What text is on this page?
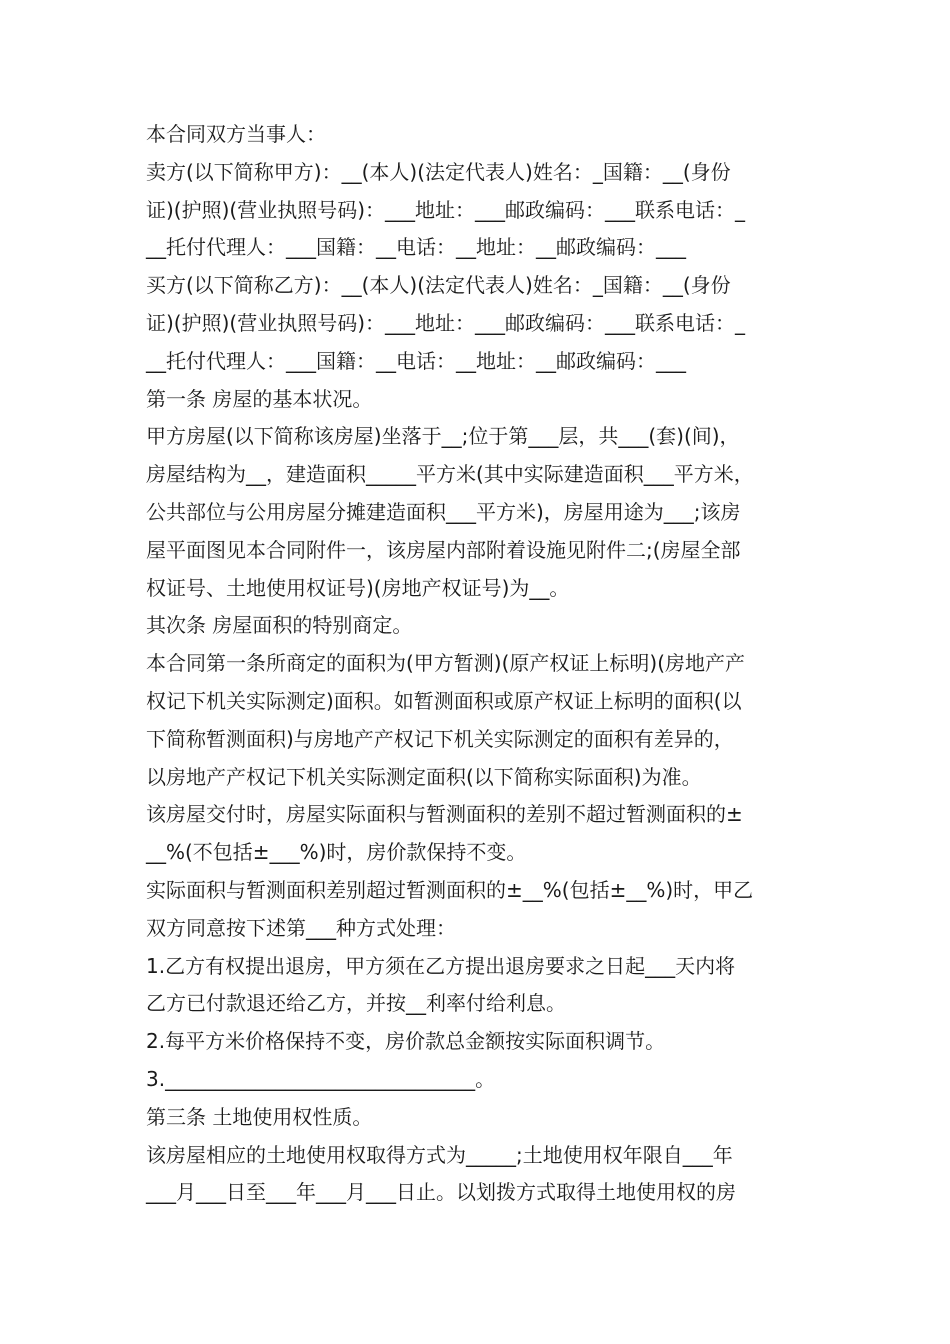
本合同双方当事人：
卖方(以下简称甲方)：__(本人)(法定代表人)姓名：_国籍：__(身份
证)(护照)(营业执照号码)：___地址：___邮政编码：___联系电话：_
__托付代理人：___国籍：__电话：__地址：__邮政编码：___
买方(以下简称乙方)：__(本人)(法定代表人)姓名：_国籍：__(身份
证)(护照)(营业执照号码)：___地址：___邮政编码：___联系电话：_
__托付代理人：___国籍：__电话：__地址：__邮政编码：___
第一条 房屋的基本状况。
甲方房屋(以下简称该房屋)坐落于__;位于第___层，共___(套)(间)，
房屋结构为__，建造面积_____平方米(其中实际建造面积___平方米，
公共部位与公用房屋分摊建造面积___平方米)，房屋用途为___;该房
屋平面图见本合同附件一，该房屋内部附着设施见附件二;(房屋全部
权证号、土地使用权证号)(房地产权证号)为__。
其次条 房屋面积的特别商定。
本合同第一条所商定的面积为(甲方暂测)(原产权证上标明)(房地产产
权记下机关实际测定)面积。如暂测面积或原产权证上标明的面积(以
下简称暂测面积)与房地产产权记下机关实际测定的面积有差异的，
以房地产产权记下机关实际测定面积(以下简称实际面积)为准。
该房屋交付时，房屋实际面积与暂测面积的差别不超过暂测面积的±
__%(不包括±___%)时，房价款保持不变。
实际面积与暂测面积差别超过暂测面积的±__%(包括±__%)时，甲乙
双方同意按下述第___种方式处理：
1.乙方有权提出退房，甲方须在乙方提出退房要求之日起___天内将
乙方已付款退还给乙方，并按__利率付给利息。
2.每平方米价格保持不变，房价款总金额按实际面积调节。
3._______________________________。
第三条 土地使用权性质。
该房屋相应的土地使用权取得方式为_____;土地使用权年限自___年
___月___日至___年___月___日止。以划拨方式取得土地使用权的房
